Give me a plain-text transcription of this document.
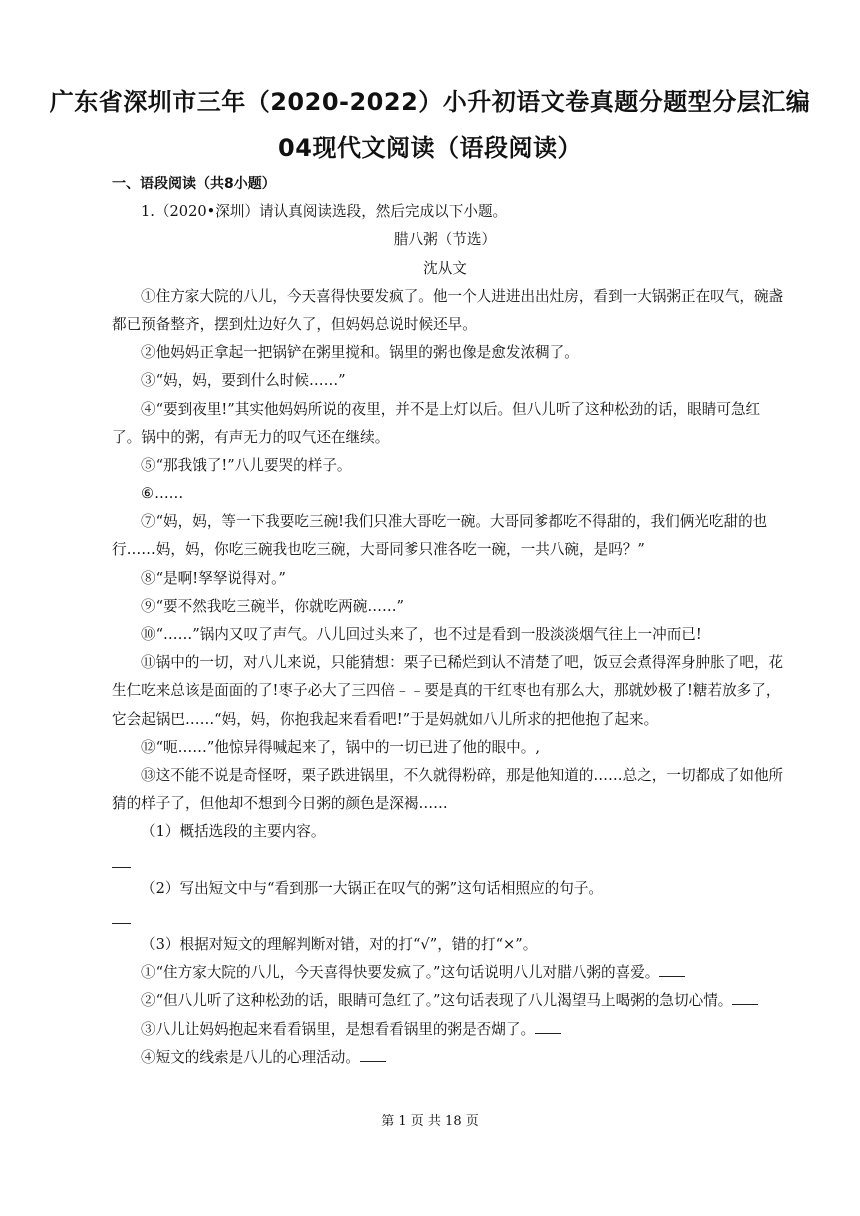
广东省深圳市三年（2020-2022）小升初语文卷真题分题型分层汇编
04现代文阅读（语段阅读）
一、语段阅读（共8小题）
1.（2020•深圳）请认真阅读选段，然后完成以下小题。
腊八粥（节选）
沈从文
①住方家大院的八儿，今天喜得快要发疯了。他一个人进进出出灶房，看到一大锅粥正在叹气，碗盏
都已预备整齐，摆到灶边好久了，但妈妈总说时候还早。
②他妈妈正拿起一把锅铲在粥里搅和。锅里的粥也像是愈发浓稠了。
③“妈，妈，要到什么时候……”
④“要到夜里!”其实他妈妈所说的夜里，并不是上灯以后。但八儿听了这种松劲的话，眼睛可急红
了。锅中的粥，有声无力的叹气还在继续。
⑤“那我饿了!”八儿要哭的样子。
⑥……
⑦“妈，妈，等一下我要吃三碗!我们只准大哥吃一碗。大哥同爹都吃不得甜的，我们俩光吃甜的也
行……妈，妈，你吃三碗我也吃三碗，大哥同爹只准各吃一碗，一共八碗，是吗？”
⑧“是啊!孥孥说得对。”
⑨“要不然我吃三碗半，你就吃两碗……”
⑩“……”锅内又叹了声气。八儿回过头来了，也不过是看到一股淡淡烟气往上一冲而已!
⑪锅中的一切，对八儿来说，只能猜想：栗子已稀烂到认不清楚了吧，饭豆会煮得浑身肿胀了吧，花
生仁吃来总该是面面的了!枣子必大了三四倍﹣﹣要是真的干红枣也有那么大，那就妙极了!糖若放多了，
它会起锅巴……“妈，妈，你抱我起来看看吧!”于是妈就如八儿所求的把他抱了起来。
⑫“呃……”他惊异得喊起来了，锅中的一切已进了他的眼中。,
⑬这不能不说是奇怪呀，栗子跌进锅里，不久就得粉碎，那是他知道的……总之，一切都成了如他所
猜的样子了，但他却不想到今日粥的颜色是深褐……
（1）概括选段的主要内容。
（2）写出短文中与“看到那一大锅正在叹气的粥”这句话相照应的句子。
（3）根据对短文的理解判断对错，对的打“√”，错的打“×”。
①“住方家大院的八儿，今天喜得快要发疯了。”这句话说明八儿对腊八粥的喜爱。
②“但八儿听了这种松劲的话，眼睛可急红了。”这句话表现了八儿渴望马上喝粥的急切心情。
③八儿让妈妈抱起来看看锅里，是想看看锅里的粥是否煳了。
④短文的线索是八儿的心理活动。
第 1 页 共 18 页
